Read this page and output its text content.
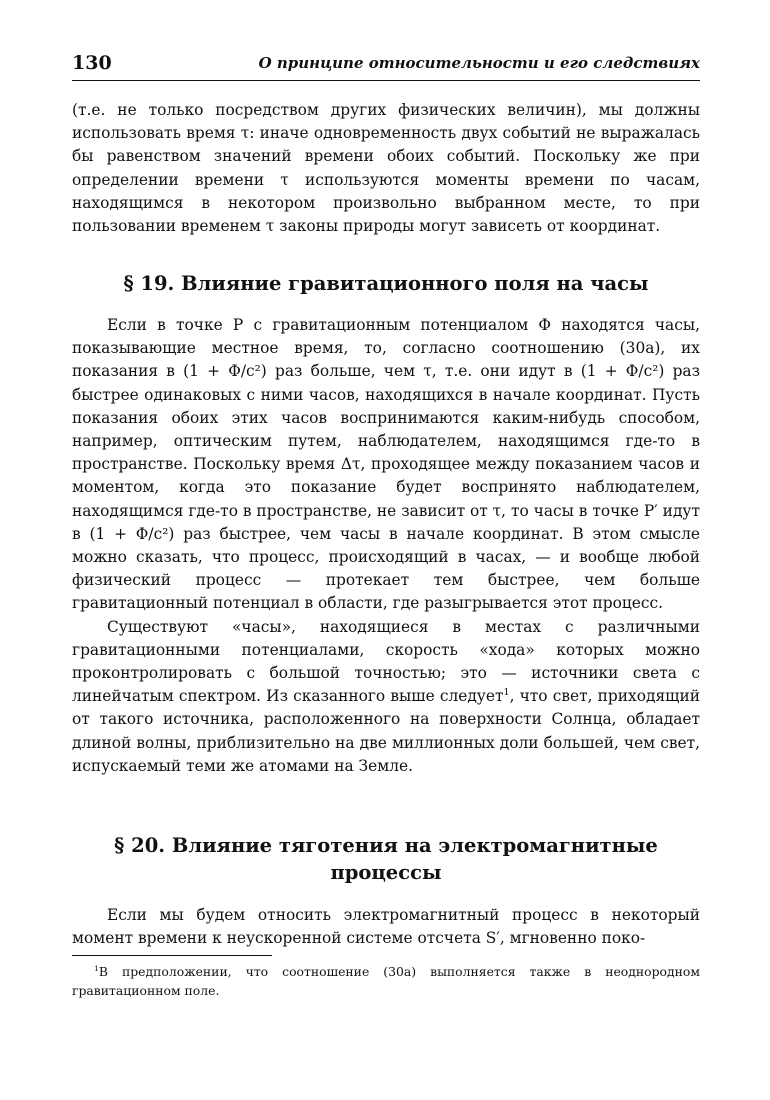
130	О принципе относительности и его следствиях

(т.е. не только посредством других физических величин), мы должны использовать время τ: иначе одновременность двух событий не выражалась бы равенством значений времени обоих событий. Поскольку же при определении времени τ используются моменты времени по часам, находящимся в некотором произвольно выбранном месте, то при пользовании временем τ законы природы могут зависеть от координат.

§ 19. Влияние гравитационного поля на часы

Если в точке P с гравитационным потенциалом Φ находятся часы, показывающие местное время, то, согласно соотношению (30a), их показания в (1 + Φ/c²) раз больше, чем τ, т.е. они идут в (1 + Φ/c²) раз быстрее одинаковых с ними часов, находящихся в начале координат. Пусть показания обоих этих часов воспринимаются каким-нибудь способом, например, оптическим путем, наблюдателем, находящимся где-то в пространстве. Поскольку время Δτ, проходящее между показанием часов и моментом, когда это показание будет воспринято наблюдателем, находящимся где-то в пространстве, не зависит от τ, то часы в точке P′ идут в (1 + Φ/c²) раз быстрее, чем часы в начале координат. В этом смысле можно сказать, что процесс, происходящий в часах, — и вообще любой физический процесс — протекает тем быстрее, чем больше гравитационный потенциал в области, где разыгрывается этот процесс.

Существуют «часы», находящиеся в местах с различными гравитационными потенциалами, скорость «хода» которых можно проконтролировать с большой точностью; это — источники света с линейчатым спектром. Из сказанного выше следует$^1$, что свет, приходящий от такого источника, расположенного на поверхности Солнца, обладает длиной волны, приблизительно на две миллионных доли большей, чем свет, испускаемый теми же атомами на Земле.

§ 20. Влияние тяготения на электромагнитные
процессы

Если мы будем относить электромагнитный процесс в некоторый момент времени к неускоренной системе отсчета S′, мгновенно поко-

$^1$В предположении, что соотношение (30a) выполняется также в неоднородном гравитационном поле.
